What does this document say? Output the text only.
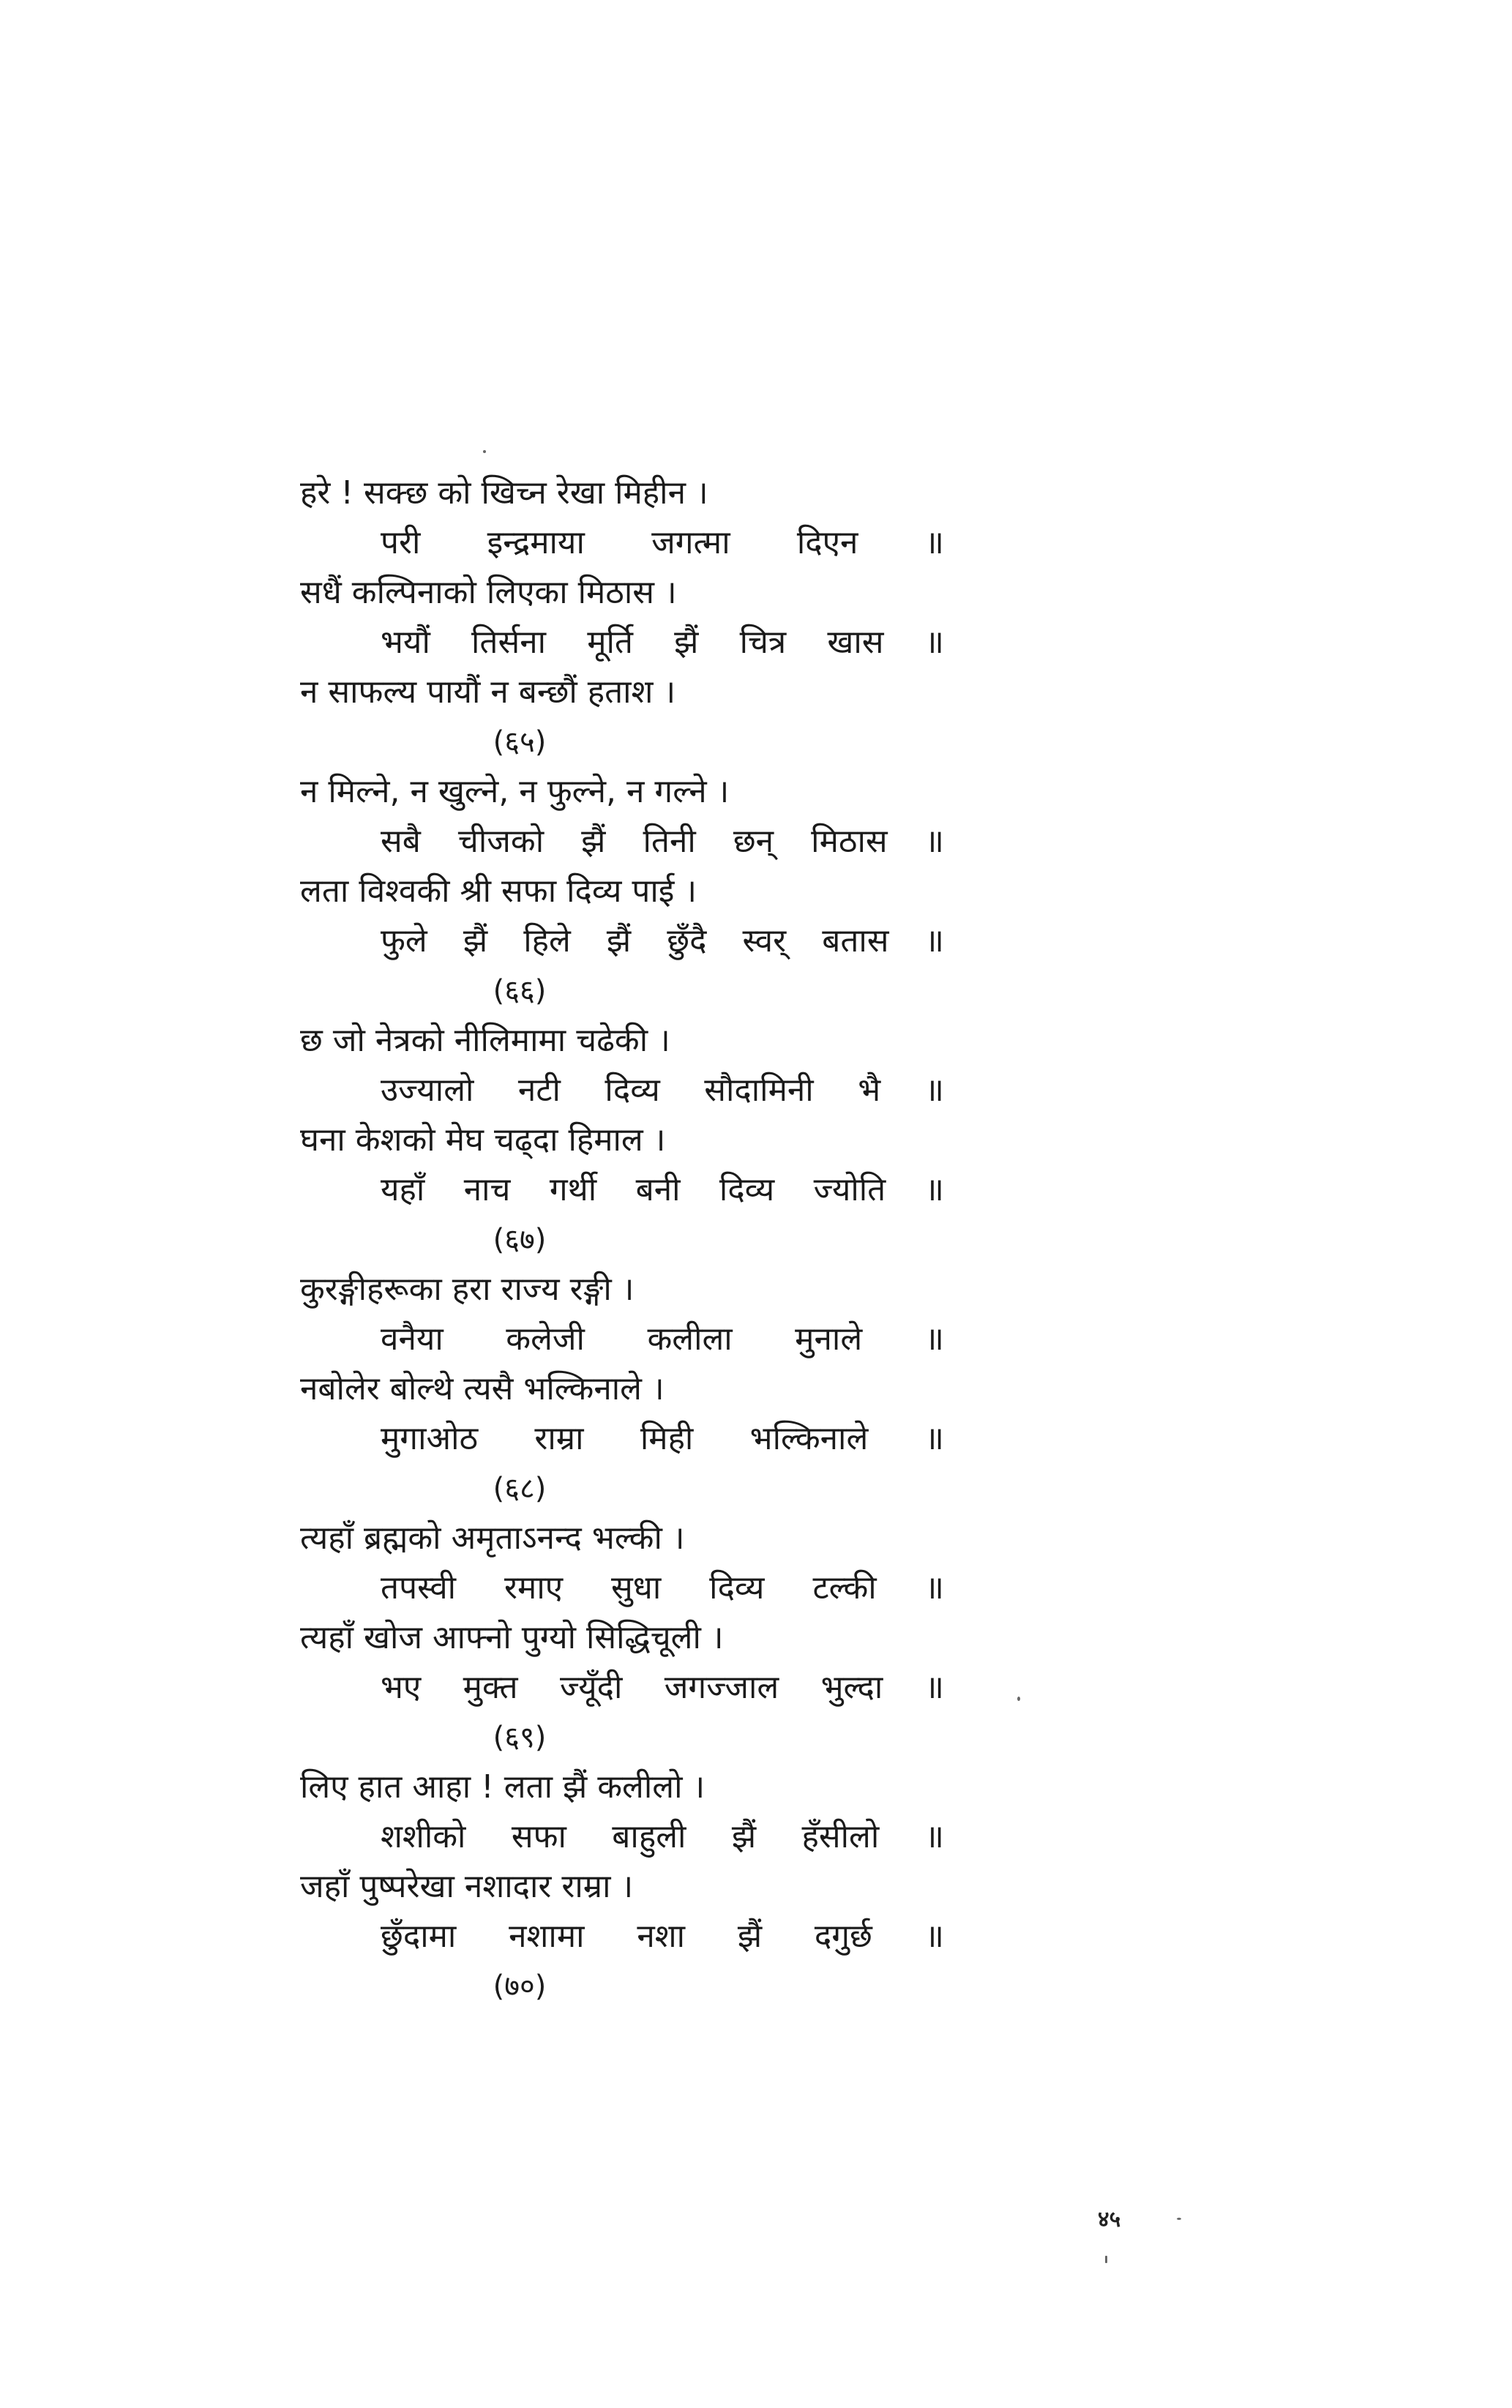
हरे ! सक्छ को खिच्न रेखा मिहीन ।
परी इन्द्रमाया जगत्मा दिएन ॥
सधैं कल्पिनाको लिएका मिठास ।
भयौं तिर्सना मूर्ति झैं चित्र खास ॥
न साफल्य पायौं न बन्छौं हताश ।
(६५)
न मिल्ने, न खुल्ने, न फुल्ने, न गल्ने ।
सबै चीजको झैं तिनी छन् मिठास ॥
लता विश्वकी श्री सफा दिव्य पाई ।
फुले झैं हिले झैं छुँदै स्वर् बतास ॥
(६६)
छ जो नेत्रको नीलिमामा चढेकी ।
उज्यालो नटी दिव्य सौदामिनी भै ॥
घना केशको मेघ चढ्दा हिमाल ।
यहाँ नाच गर्थी बनी दिव्य ज्योति ॥
(६७)
कुरङ्गीहरूका हरा राज्य रङ्गी ।
वनैया कलेजी कलीला मुनाले ॥
नबोलेर बोल्थे त्यसै भल्किनाले ।
मुगाओठ राम्रा मिही भल्किनाले ॥
(६८)
त्यहाँ ब्रह्मको अमृताऽनन्द भल्की ।
तपस्वी रमाए सुधा दिव्य टल्की ॥
त्यहाँ खोज आफ्नो पुग्यो सिद्धिचूली ।
भए मुक्त ज्यूँदी जगज्जाल भुल्दा ॥
(६९)
लिए हात आहा ! लता झैं कलीलो ।
शशीको सफा बाहुली झैं हँसीलो ॥
जहाँ पुष्परेखा नशादार राम्रा ।
छुँदामा नशामा नशा झैं दगुर्छ ॥
(७०)
४५
